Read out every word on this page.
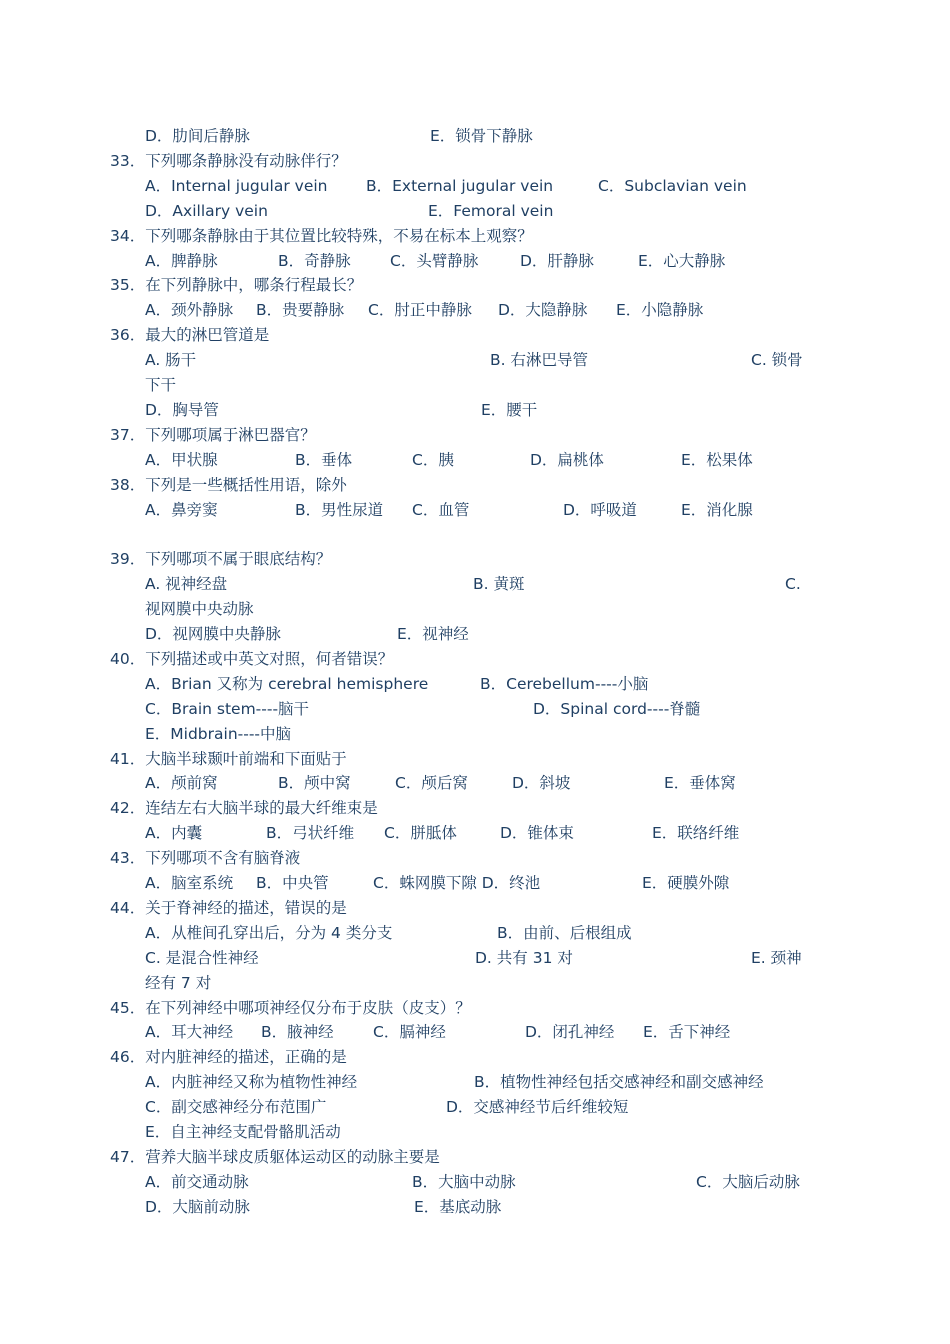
D．肋间后静脉	E．锁骨下静脉
33．下列哪条静脉没有动脉伴行？
A．Internal jugular vein B．External jugular vein	C．Subclavian vein
D．Axillary vein	E．Femoral vein
34．下列哪条静脉由于其位置比较特殊，不易在标本上观察？
A．脾静脉	B．奇静脉	C．头臂静脉	D．肝静脉	E．心大静脉
35．在下列静脉中，哪条行程最长？
A．颈外静脉 B．贵要静脉 C．肘正中静脉 D．大隐静脉 E．小隐静脉
36．最大的淋巴管道是
A. 肠干	B. 右淋巴导管	C. 锁骨
下干
D．胸导管	E．腰干
37．下列哪项属于淋巴器官？
A．甲状腺	B．垂体	C．胰	D．扁桃体	E．松果体
38．下列是一些概括性用语，除外
A．鼻旁窦	B．男性尿道 C．血管	D．呼吸道	E．消化腺
39．下列哪项不属于眼底结构？
A. 视神经盘	B. 黄斑	C.
视网膜中央动脉
D．视网膜中央静脉	E．视神经
40．下列描述或中英文对照，何者错误？
A．Brian 又称为 cerebral hemisphere	B．Cerebellum----小脑
C．Brain stem----脑干	D．Spinal cord----脊髓
E．Midbrain----中脑
41．大脑半球颞叶前端和下面贴于
A．颅前窝	B．颅中窝	C．颅后窝	D．斜坡	E．垂体窝
42．连结左右大脑半球的最大纤维束是
A．内囊	B．弓状纤维 C．胼胝体	D．锥体束	E．联络纤维
43．下列哪项不含有脑脊液
A．脑室系统 B．中央管	C．蛛网膜下隙 D．终池	E．硬膜外隙
44．关于脊神经的描述，错误的是
A．从椎间孔穿出后，分为 4 类分支	B．由前、后根组成
C. 是混合性神经	D. 共有 31 对	E. 颈神
经有 7 对
45．在下列神经中哪项神经仅分布于皮肤（皮支）？
A．耳大神经 B．腋神经	C．膈神经	D．闭孔神经 E．舌下神经
46．对内脏神经的描述，正确的是
A．内脏神经又称为植物性神经	B．植物性神经包括交感神经和副交感神经
C．副交感神经分布范围广	D．交感神经节后纤维较短
E．自主神经支配骨骼肌活动
47．营养大脑半球皮质躯体运动区的动脉主要是
A．前交通动脉	B．大脑中动脉	C．大脑后动脉
D．大脑前动脉	E．基底动脉
